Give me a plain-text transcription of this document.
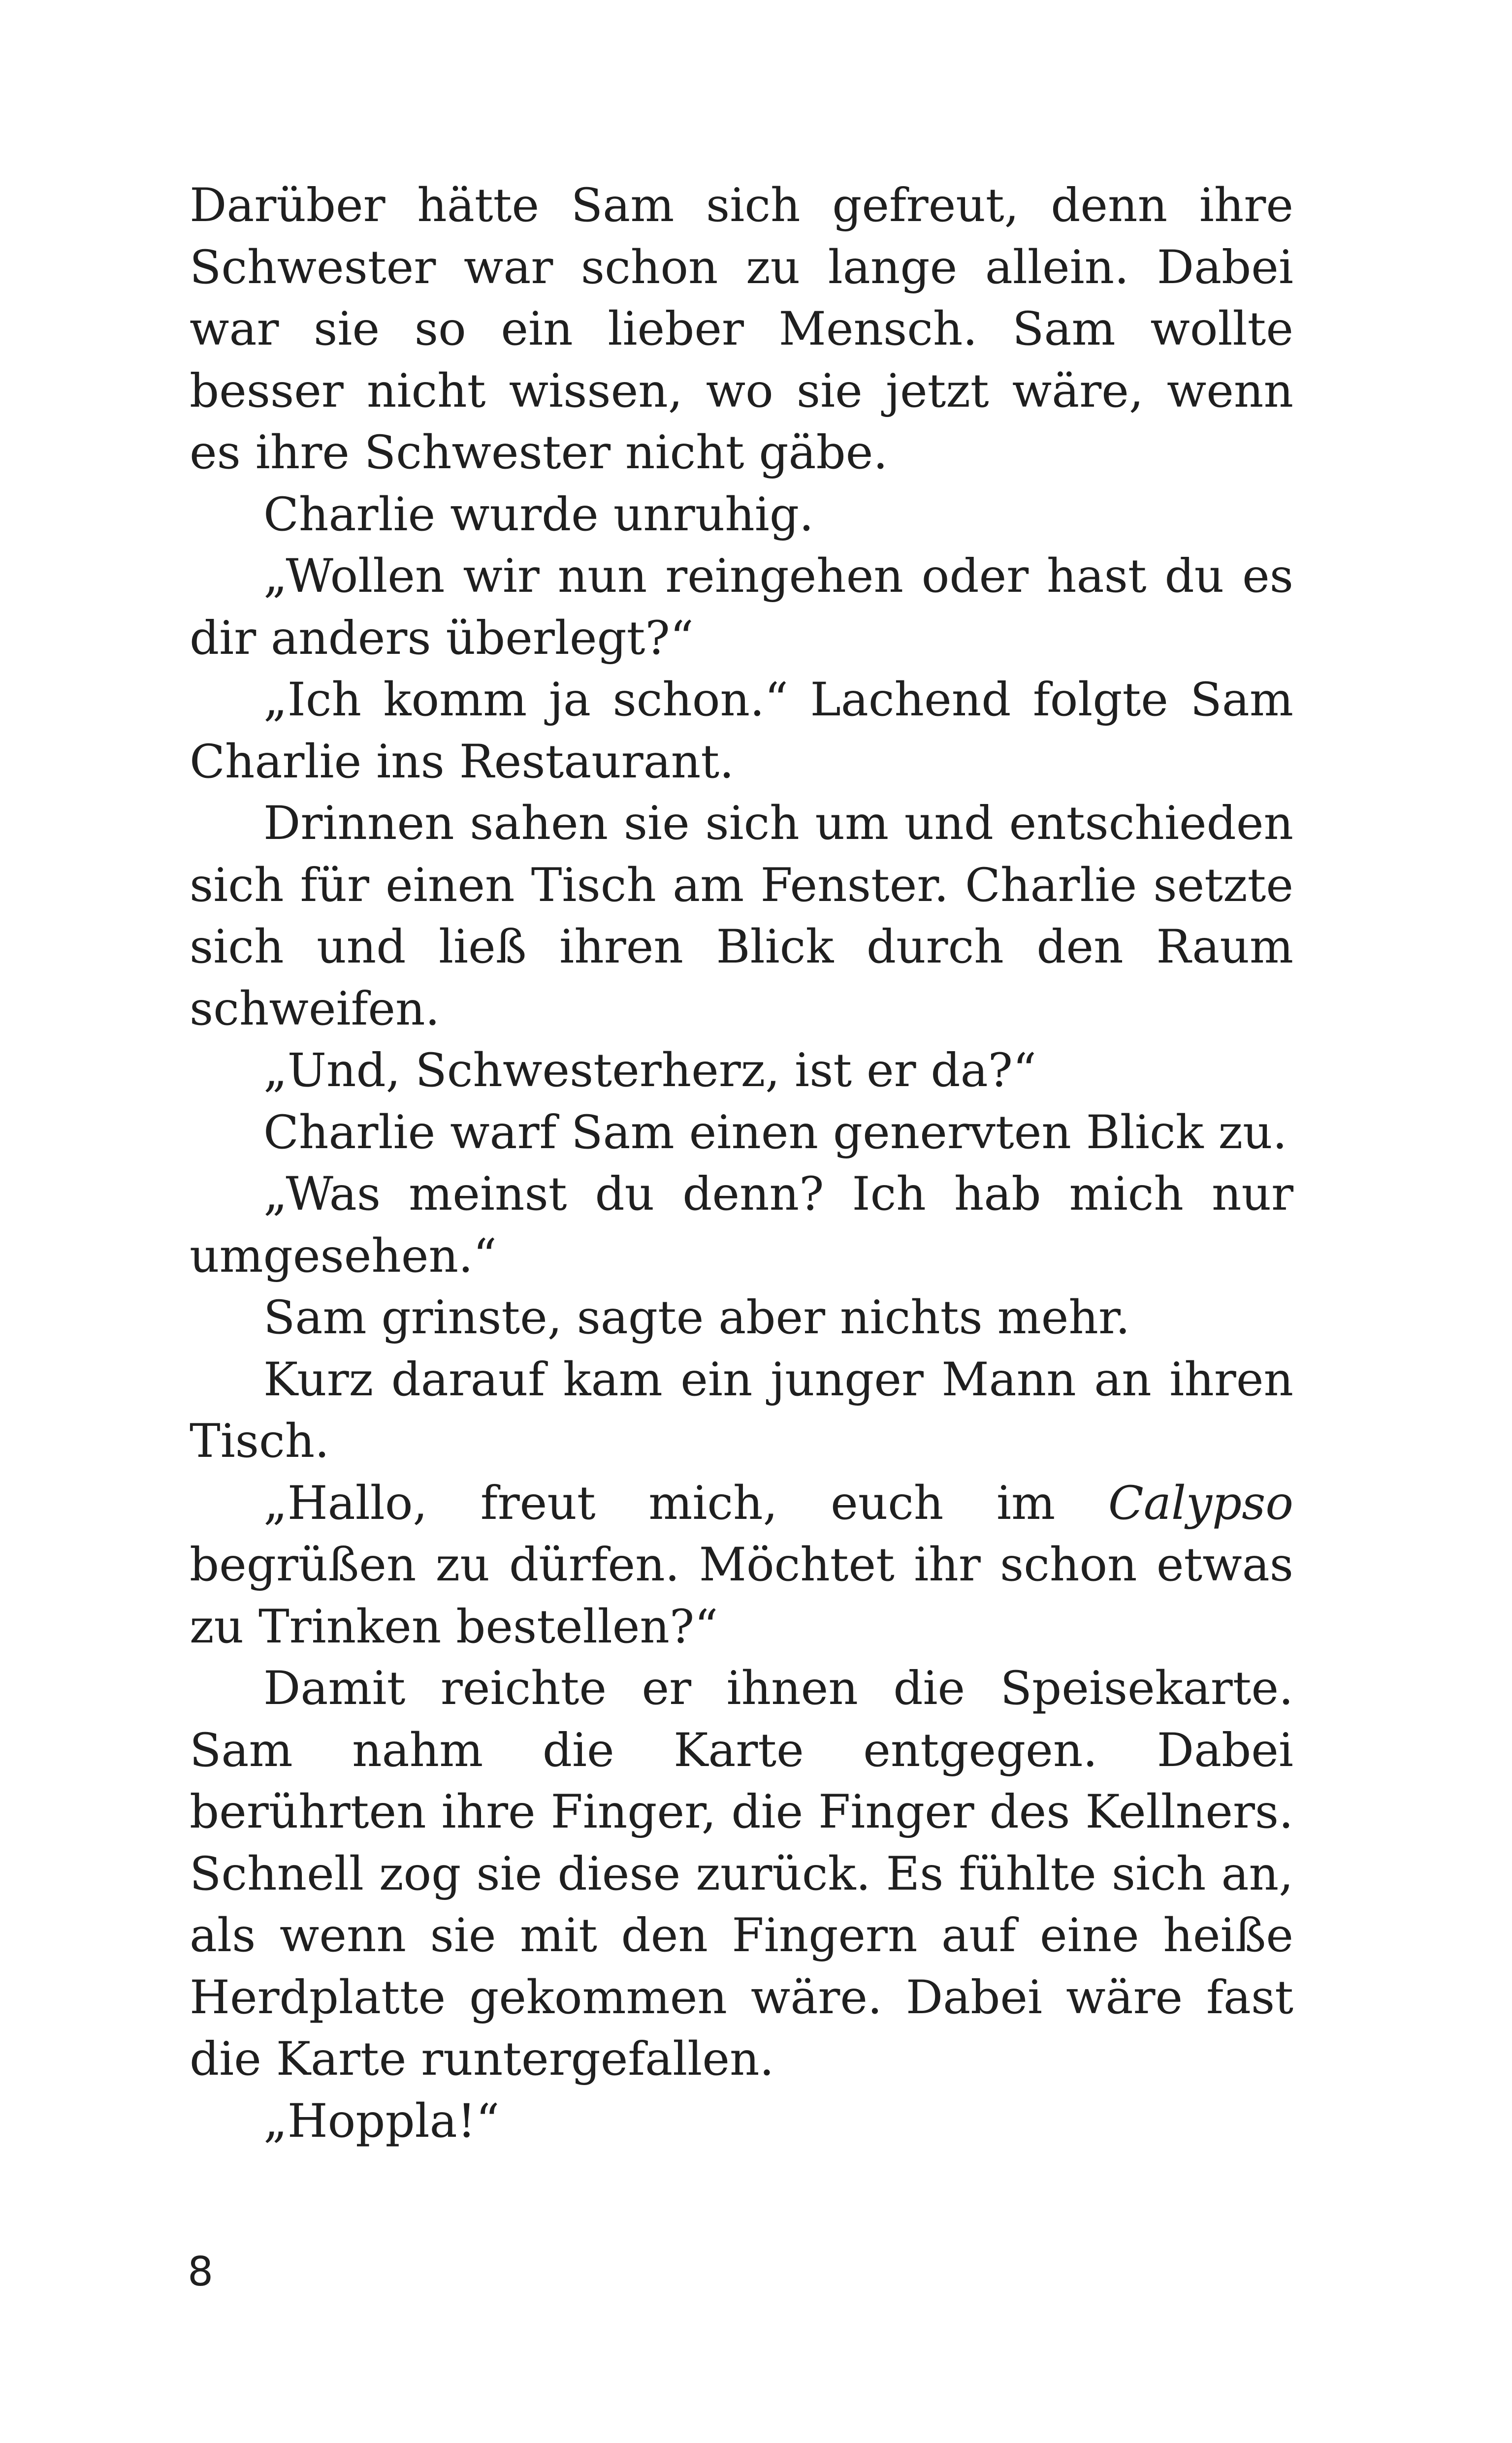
Darüber hätte Sam sich gefreut, denn ihre Schwester war schon zu lange allein. Dabei war sie so ein lieber Mensch. Sam wollte besser nicht wissen, wo sie jetzt wäre, wenn es ihre Schwester nicht gäbe.

Charlie wurde unruhig.

„Wollen wir nun reingehen oder hast du es dir anders überlegt?“

„Ich komm ja schon.“ Lachend folgte Sam Charlie ins Restaurant.

Drinnen sahen sie sich um und entschieden sich für einen Tisch am Fenster. Charlie setzte sich und ließ ihren Blick durch den Raum schweifen.

„Und, Schwesterherz, ist er da?“

Charlie warf Sam einen genervten Blick zu.

„Was meinst du denn? Ich hab mich nur umgesehen.“

Sam grinste, sagte aber nichts mehr.

Kurz darauf kam ein junger Mann an ihren Tisch.

„Hallo, freut mich, euch im Calypso begrüßen zu dürfen. Möchtet ihr schon etwas zu Trinken bestellen?“

Damit reichte er ihnen die Speisekarte. Sam nahm die Karte entgegen. Dabei berührten ihre Finger, die Finger des Kellners. Schnell zog sie diese zurück. Es fühlte sich an, als wenn sie mit den Fingern auf eine heiße Herdplatte gekommen wäre. Dabei wäre fast die Karte runtergefallen.

„Hoppla!“

8
